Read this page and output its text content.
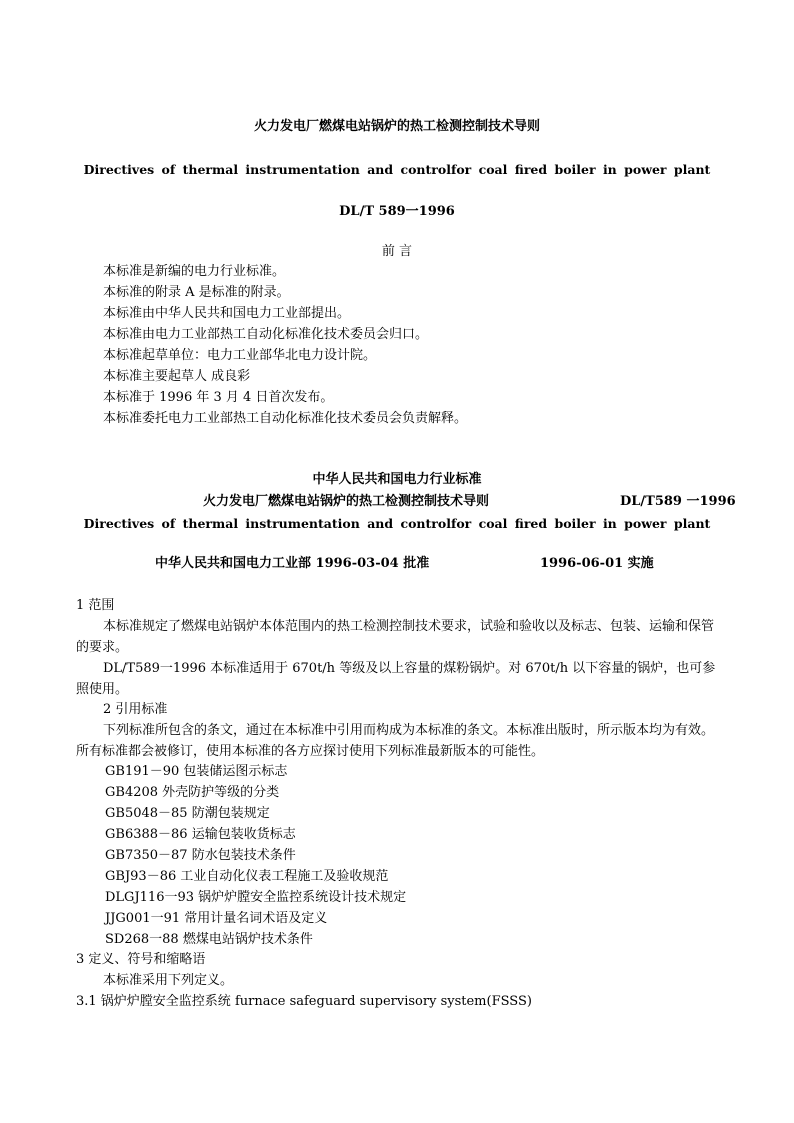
火力发电厂燃煤电站锅炉的热工检测控制技术导则
Directives of thermal instrumentation and controlfor coal fired boiler in power plant
DL/T 589一1996
前 言
本标准是新编的电力行业标准。
本标准的附录 A 是标准的附录。
本标准由中华人民共和国电力工业部提出。
本标准由电力工业部热工自动化标准化技术委员会归口。
本标准起草单位：电力工业部华北电力设计院。
本标准主要起草人 成良彩
本标准于 1996 年 3 月 4 日首次发布。
本标准委托电力工业部热工自动化标准化技术委员会负责解释。
中华人民共和国电力行业标准
火力发电厂燃煤电站锅炉的热工检测控制技术导则	DL/T589 一1996
Directives of thermal instrumentation and controlfor coal fired boiler in power plant
中华人民共和国电力工业部 1996-03-04 批准	1996-06-01 实施
1 范围
本标准规定了燃煤电站锅炉本体范围内的热工检测控制技术要求，试验和验收以及标志、包装、运输和保管的要求。
DL/T589一1996 本标准适用于 670t/h 等级及以上容量的煤粉锅炉。对 670t/h 以下容量的锅炉，也可参照使用。
2 引用标准
下列标准所包含的条文，通过在本标准中引用而构成为本标准的条文。本标准出版时，所示版本均为有效。所有标准都会被修订，使用本标准的各方应探讨使用下列标准最新版本的可能性。
GB191－90 包装储运图示标志
GB4208 外壳防护等级的分类
GB5048－85 防潮包装规定
GB6388－86 运输包装收货标志
GB7350－87 防水包装技术条件
GBJ93－86 工业自动化仪表工程施工及验收规范
DLGJ116一93 锅炉炉膛安全监控系统设计技术规定
JJG001一91 常用计量名词术语及定义
SD268一88 燃煤电站锅炉技术条件
3 定义、符号和缩略语
本标准采用下列定义。
3.1 锅炉炉膛安全监控系统 furnace safeguard supervisory system(FSSS)
